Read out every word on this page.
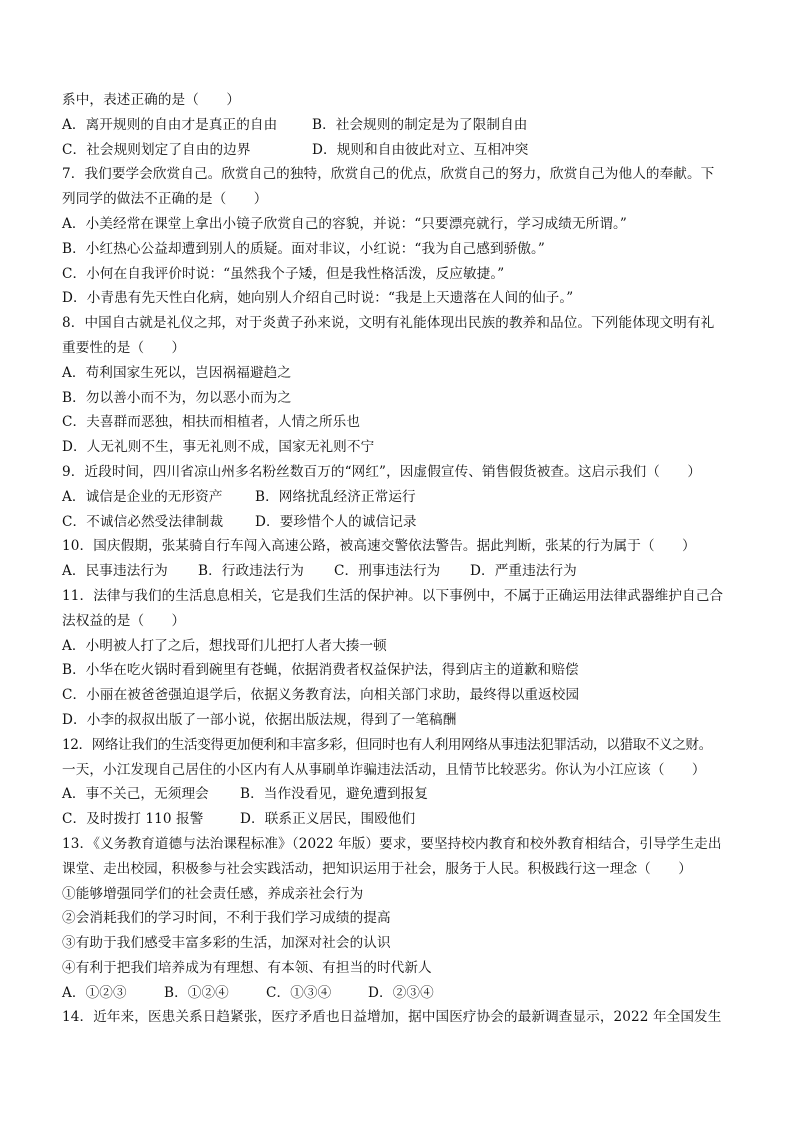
系中，表述正确的是（　　）
A．离开规则的自由才是真正的自由	B．社会规则的制定是为了限制自由
C．社会规则划定了自由的边界	D．规则和自由彼此对立、互相冲突
7．我们要学会欣赏自己。欣赏自己的独特，欣赏自己的优点，欣赏自己的努力，欣赏自己为他人的奉献。下
列同学的做法不正确的是（　　）
A．小美经常在课堂上拿出小镜子欣赏自己的容貌，并说：“只要漂亮就行，学习成绩无所谓。”
B．小红热心公益却遭到别人的质疑。面对非议，小红说：“我为自己感到骄傲。”
C．小何在自我评价时说：“虽然我个子矮，但是我性格活泼，反应敏捷。”
D．小青患有先天性白化病，她向别人介绍自己时说：“我是上天遗落在人间的仙子。”
8．中国自古就是礼仪之邦，对于炎黄子孙来说，文明有礼能体现出民族的教养和品位。下列能体现文明有礼
重要性的是（　　）
A．苟利国家生死以，岂因祸福避趋之
B．勿以善小而不为，勿以恶小而为之
C．夫喜群而恶独，相扶而相植者，人情之所乐也
D．人无礼则不生，事无礼则不成，国家无礼则不宁
9．近段时间，四川省凉山州多名粉丝数百万的“网红”，因虚假宣传、销售假货被查。这启示我们（　　）
A．诚信是企业的无形资产	B．网络扰乱经济正常运行
C．不诚信必然受法律制裁	D．要珍惜个人的诚信记录
10．国庆假期，张某骑自行车闯入高速公路，被高速交警依法警告。据此判断，张某的行为属于（　　）
A．民事违法行为	B．行政违法行为	C．刑事违法行为	D．严重违法行为
11．法律与我们的生活息息相关，它是我们生活的保护神。以下事例中，不属于正确运用法律武器维护自己合
法权益的是（　　）
A．小明被人打了之后，想找哥们儿把打人者大揍一顿
B．小华在吃火锅时看到碗里有苍蝇，依据消费者权益保护法，得到店主的道歉和赔偿
C．小丽在被爸爸强迫退学后，依据义务教育法，向相关部门求助，最终得以重返校园
D．小李的叔叔出版了一部小说，依据出版法规，得到了一笔稿酬
12．网络让我们的生活变得更加便利和丰富多彩，但同时也有人利用网络从事违法犯罪活动，以猎取不义之财。
一天，小江发现自己居住的小区内有人从事刷单诈骗违法活动，且情节比较恶劣。你认为小江应该（　　）
A．事不关己，无须理会	B．当作没看见，避免遭到报复
C．及时拨打 110 报警	D．联系正义居民，围殴他们
13．《义务教育道德与法治课程标准》（2022 年版）要求，要坚持校内教育和校外教育相结合，引导学生走出
课堂、走出校园，积极参与社会实践活动，把知识运用于社会，服务于人民。积极践行这一理念（　　）
①能够增强同学们的社会责任感，养成亲社会行为
②会消耗我们的学习时间，不利于我们学习成绩的提高
③有助于我们感受丰富多彩的生活，加深对社会的认识
④有利于把我们培养成为有理想、有本领、有担当的时代新人
A．①②③	B．①②④	C．①③④	D．②③④
14．近年来，医患关系日趋紧张，医疗矛盾也日益增加，据中国医疗协会的最新调查显示，2022 年全国发生
